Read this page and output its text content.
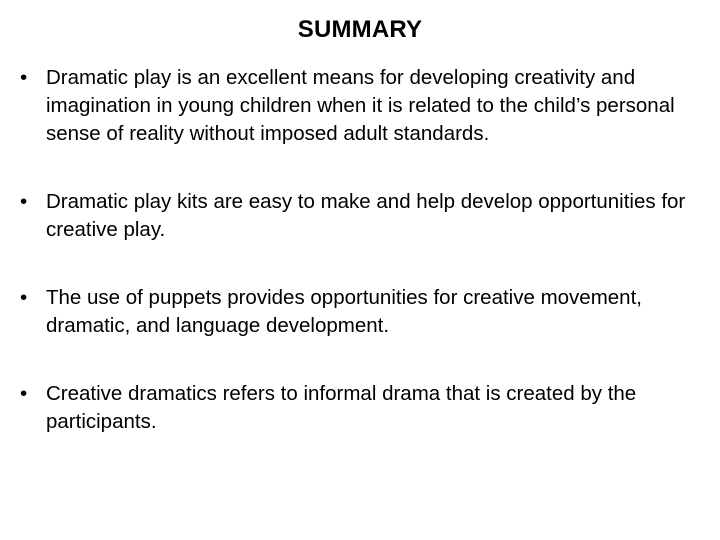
SUMMARY
• Dramatic play is an excellent means for developing creativity and imagination in young children when it is related to the child’s personal sense of reality without imposed adult standards.
• Dramatic play kits are easy to make and help develop opportunities for creative play.
• The use of puppets provides opportunities for creative movement, dramatic, and language development.
• Creative dramatics refers to informal drama that is created by the participants.
